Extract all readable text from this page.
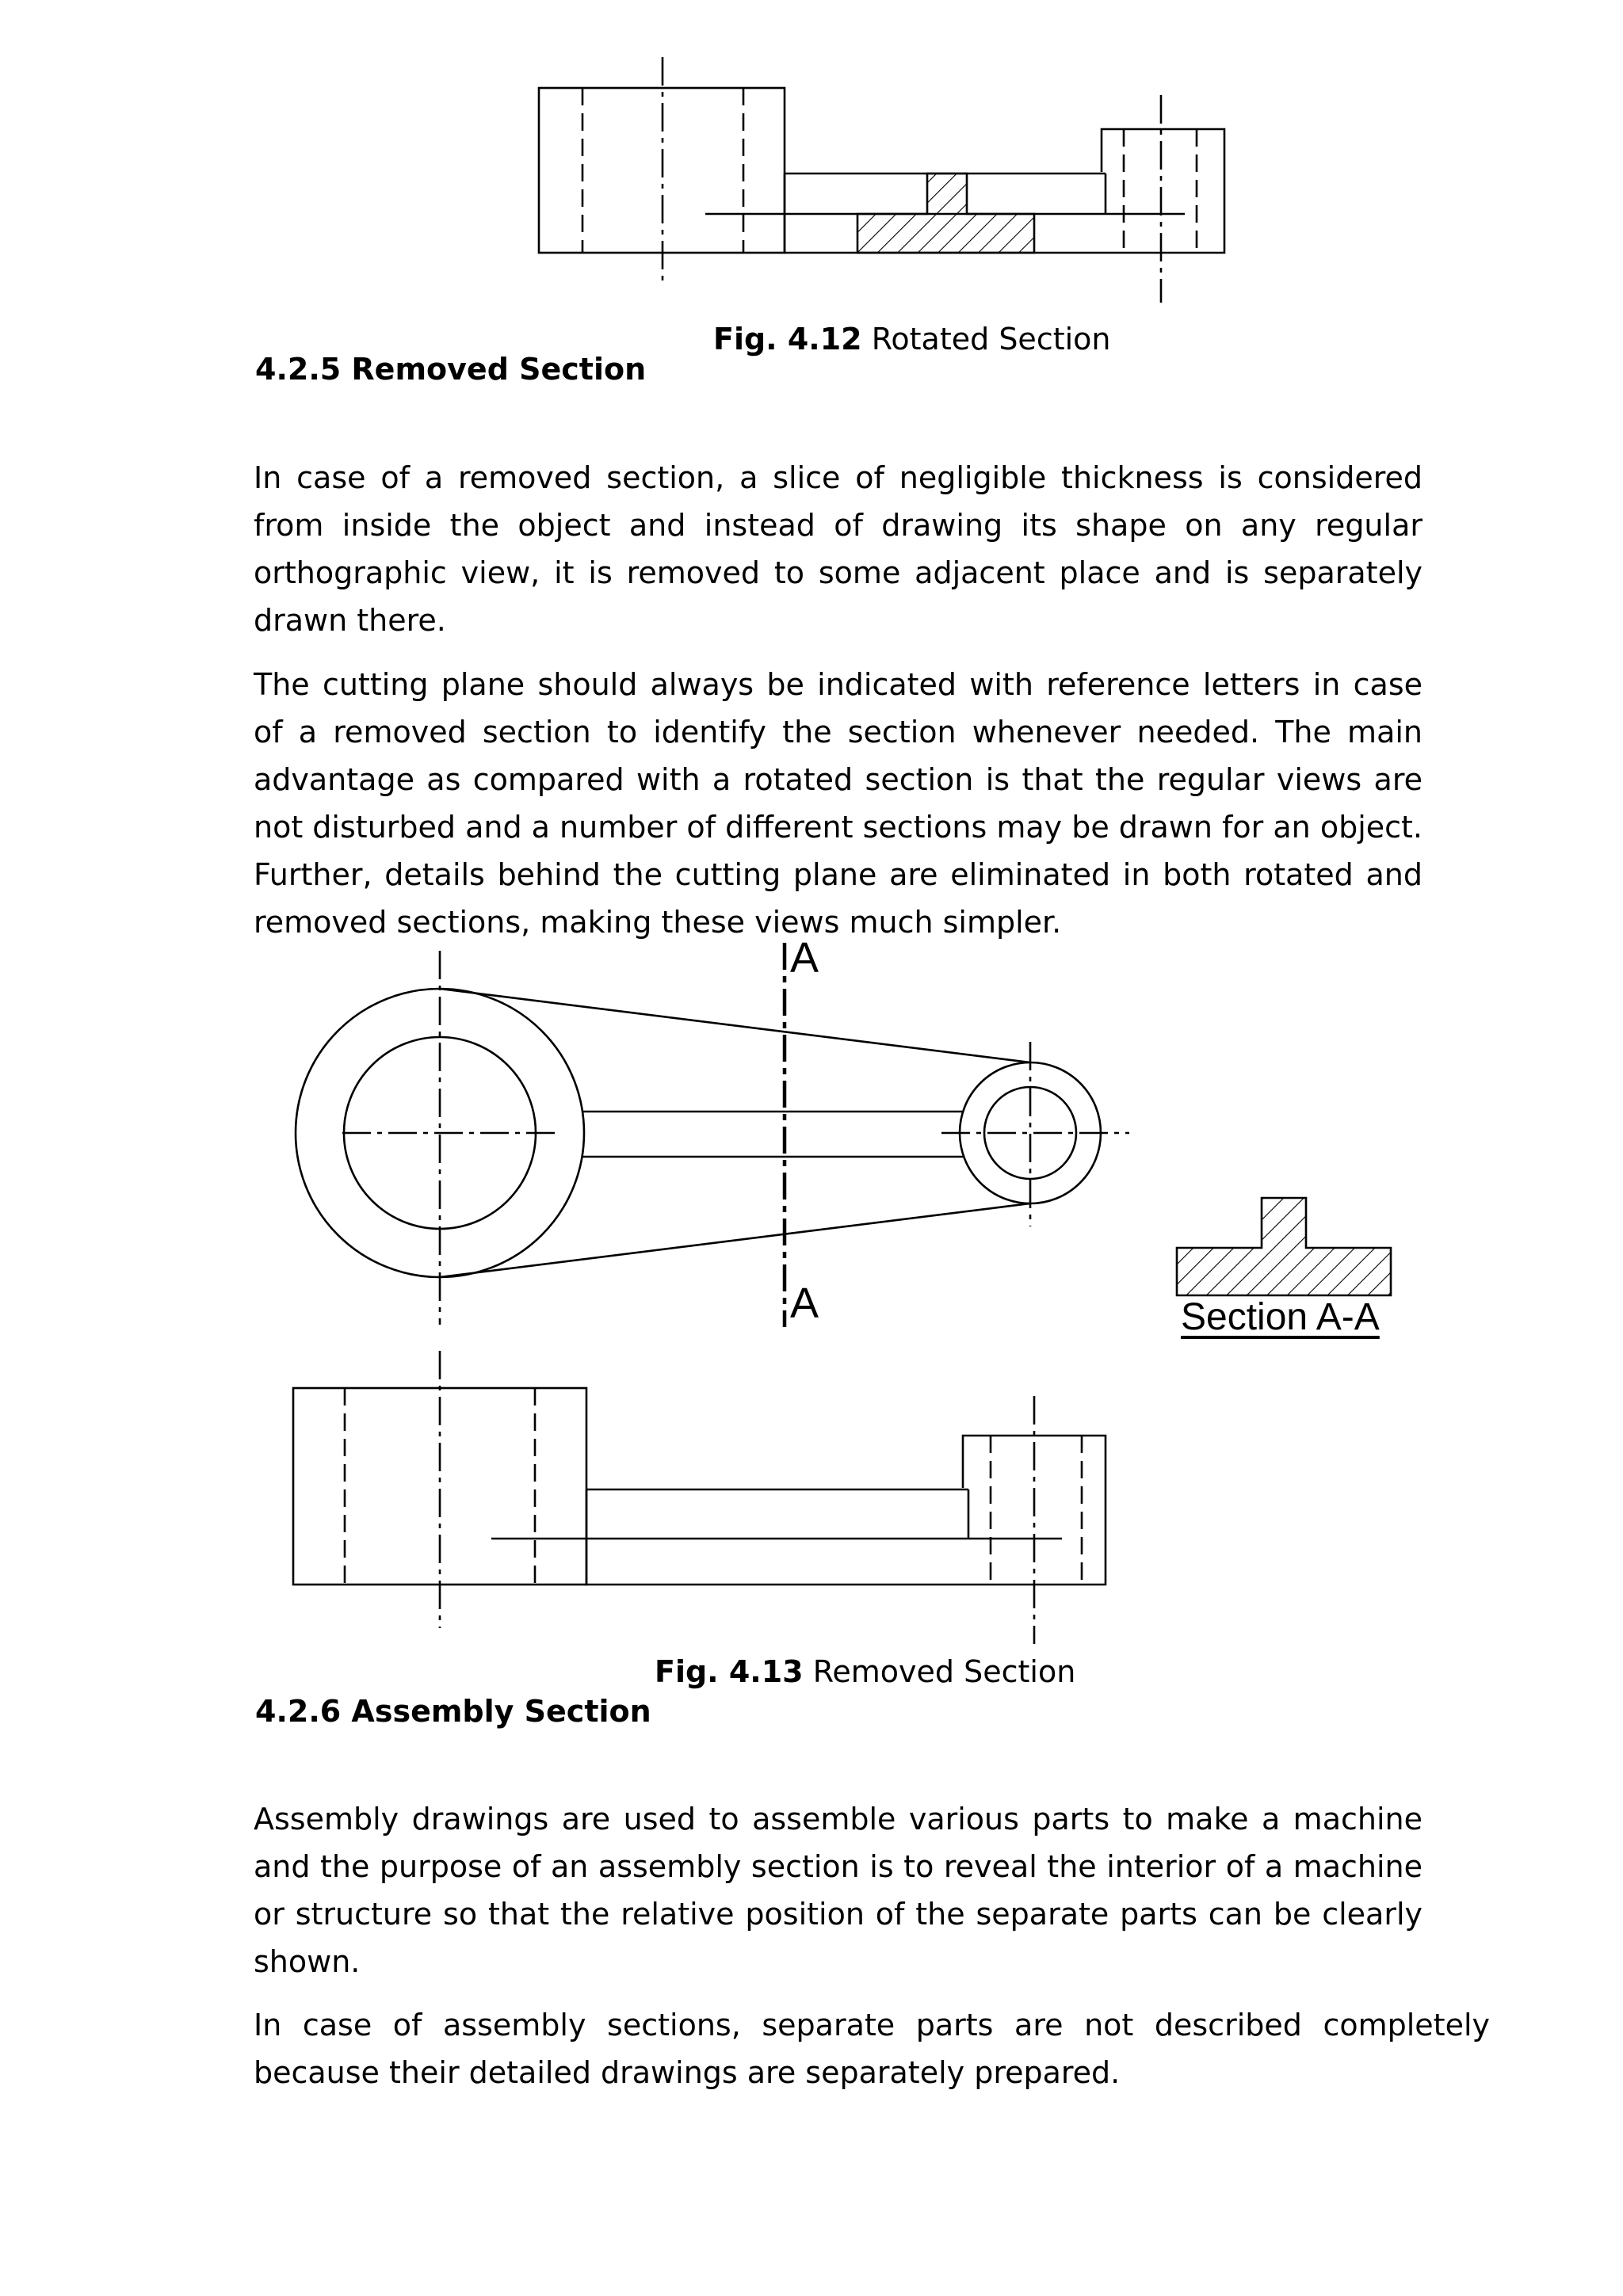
Fig. 4.12 Rotated Section
4.2.5 Removed Section
In case of a removed section, a slice of negligible thickness is considered from inside the object and instead of drawing its shape on any regular orthographic view, it is removed to some adjacent place and is separately drawn there.
The cutting plane should always be indicated with reference letters in case of a removed section to identify the section whenever needed. The main advantage as compared with a rotated section is that the regular views are not disturbed and a number of different sections may be drawn for an object. Further, details behind the cutting plane are eliminated in both rotated and removed sections, making these views much simpler.
A
A	Section A-A
Fig. 4.13 Removed Section
4.2.6 Assembly Section
Assembly drawings are used to assemble various parts to make a machine and the purpose of an assembly section is to reveal the interior of a machine or structure so that the relative position of the separate parts can be clearly shown.
In case of assembly sections, separate parts are not described completely because their detailed drawings are separately prepared.
